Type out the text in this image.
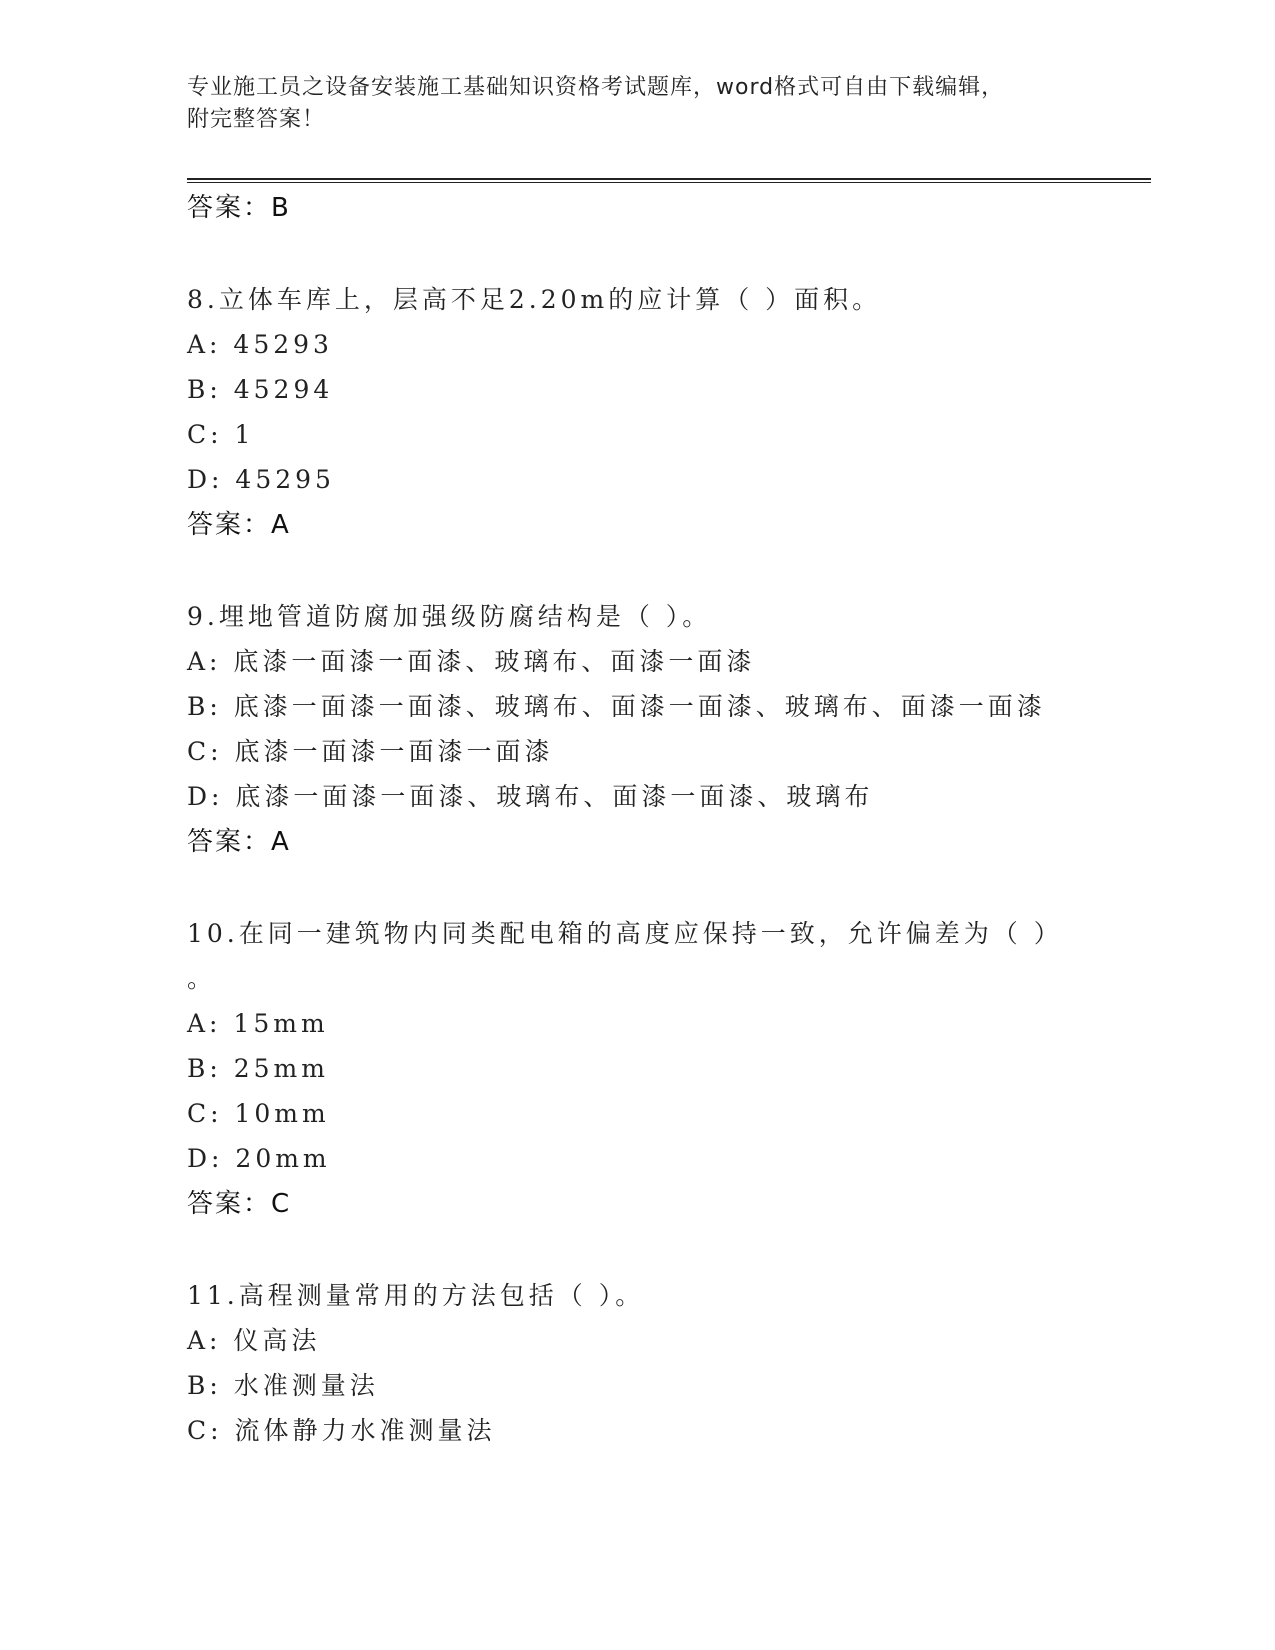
专业施工员之设备安装施工基础知识资格考试题库，word格式可自由下载编辑，
附完整答案！
答案：B
8.立体车库上，层高不足2.20m的应计算（ ）面积。
A: 45293
B: 45294
C: 1
D: 45295
答案：A
9.埋地管道防腐加强级防腐结构是（ ）。
A: 底漆一面漆一面漆、玻璃布、面漆一面漆
B: 底漆一面漆一面漆、玻璃布、面漆一面漆、玻璃布、面漆一面漆
C: 底漆一面漆一面漆一面漆
D: 底漆一面漆一面漆、玻璃布、面漆一面漆、玻璃布
答案：A
10.在同一建筑物内同类配电箱的高度应保持一致，允许偏差为（ ）
。
A: 15mm
B: 25mm
C: 10mm
D: 20mm
答案：C
11.高程测量常用的方法包括（ ）。
A: 仪高法
B: 水准测量法
C: 流体静力水准测量法
